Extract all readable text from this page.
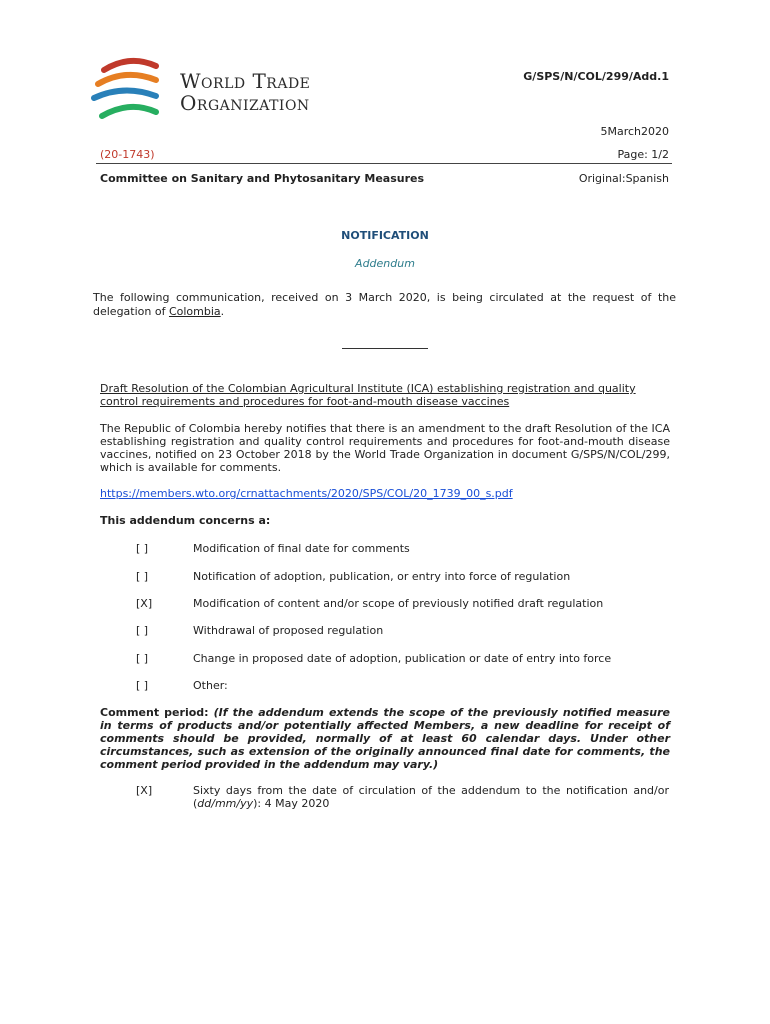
World Trade
Organization
G/SPS/N/COL/299/Add.1
5March2020
(20-1743)	Page: 1/2
Committee on Sanitary and Phytosanitary Measures	Original:Spanish
NOTIFICATION
Addendum
The following communication, received on 3 March 2020, is being circulated at the request of the delegation of Colombia.
Draft Resolution of the Colombian Agricultural Institute (ICA) establishing registration and quality control requirements and procedures for foot-and-mouth disease vaccines
The Republic of Colombia hereby notifies that there is an amendment to the draft Resolution of the ICA establishing registration and quality control requirements and procedures for foot-and-mouth disease vaccines, notified on 23 October 2018 by the World Trade Organization in document G/SPS/N/COL/299, which is available for comments.
https://members.wto.org/crnattachments/2020/SPS/COL/20_1739_00_s.pdf
This addendum concerns a:
[ ]	Modification of final date for comments
[ ]	Notification of adoption, publication, or entry into force of regulation
[X]	Modification of content and/or scope of previously notified draft regulation
[ ]	Withdrawal of proposed regulation
[ ]	Change in proposed date of adoption, publication or date of entry into force
[ ]	Other:
Comment period: (If the addendum extends the scope of the previously notified measure in terms of products and/or potentially affected Members, a new deadline for receipt of comments should be provided, normally of at least 60 calendar days. Under other circumstances, such as extension of the originally announced final date for comments, the comment period provided in the addendum may vary.)
[X]	Sixty days from the date of circulation of the addendum to the notification and/or (dd/mm/yy): 4 May 2020
